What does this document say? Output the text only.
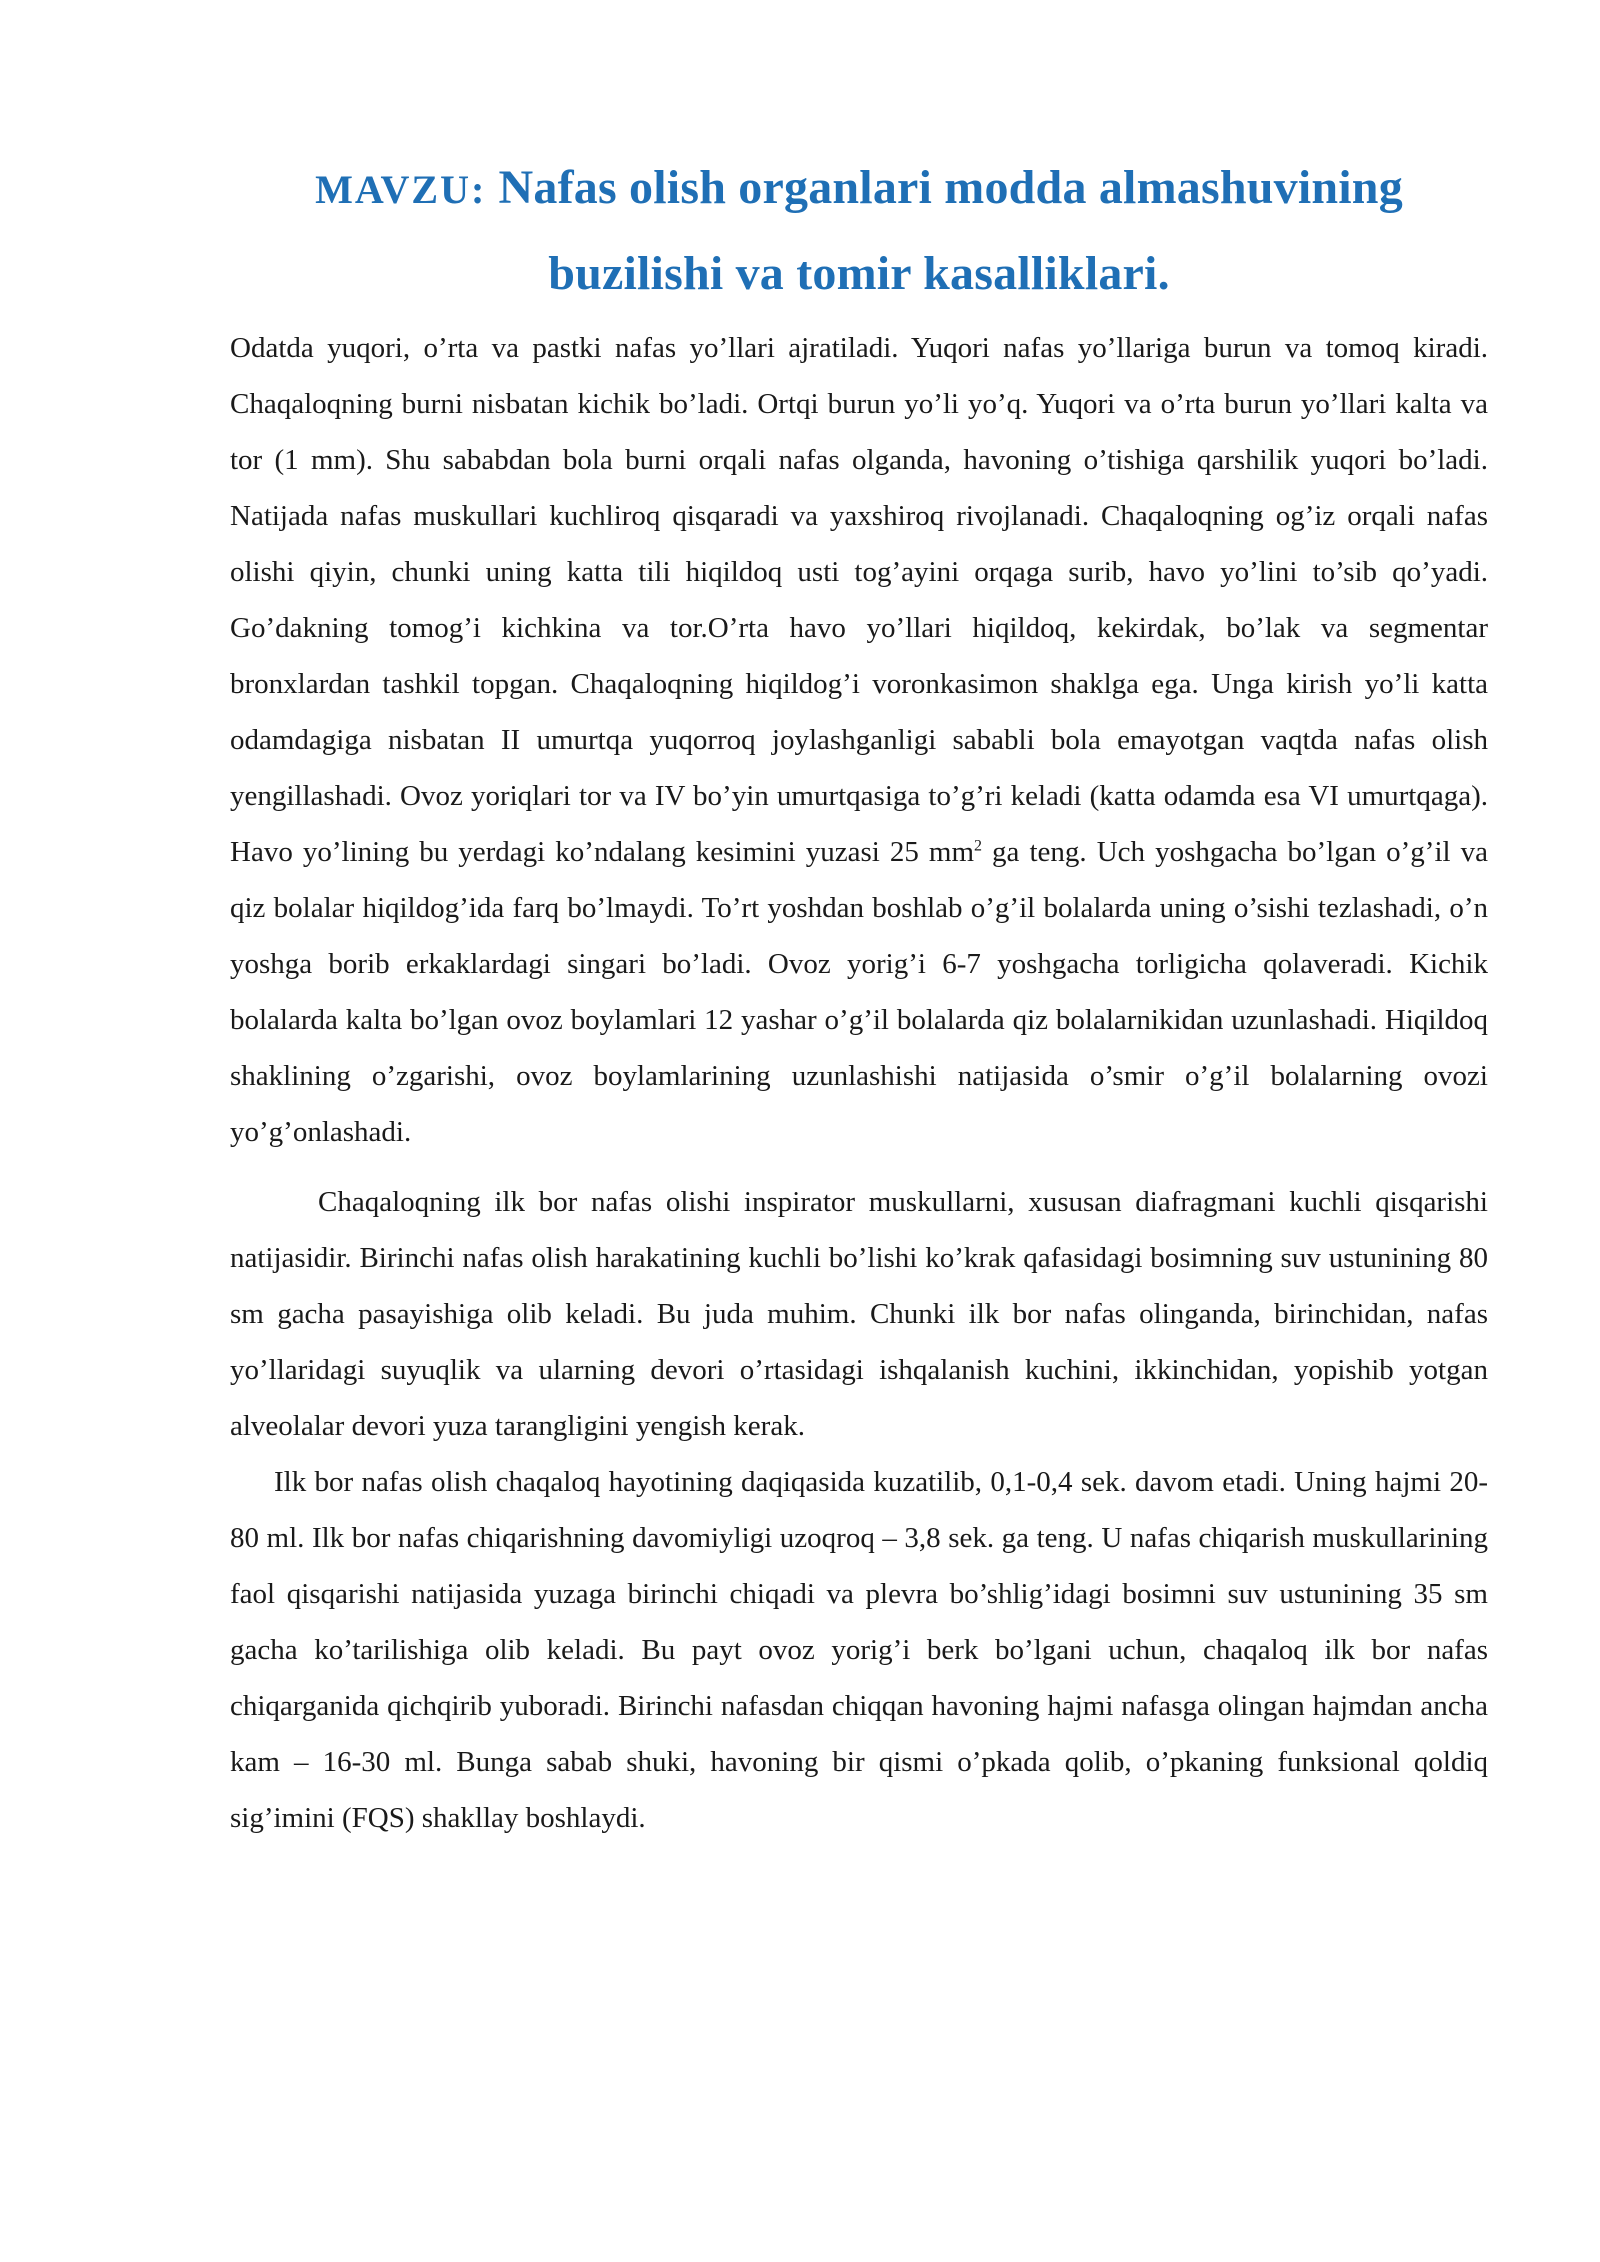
MAVZU: Nafas olish organlari modda almashuvining buzilishi va tomir kasalliklari.

Odatda yuqori, o’rta va pastki nafas yo’llari ajratiladi. Yuqori nafas yo’llariga burun va tomoq kiradi. Chaqaloqning burni nisbatan kichik bo’ladi. Ortqi burun yo’li yo’q. Yuqori va o’rta burun yo’llari kalta va tor (1 mm). Shu sababdan bola burni orqali nafas olganda, havoning o’tishiga qarshilik yuqori bo’ladi. Natijada nafas muskullari kuchliroq qisqaradi va yaxshiroq rivojlanadi. Chaqaloqning og’iz orqali nafas olishi qiyin, chunki uning katta tili hiqildoq usti tog’ayini orqaga surib, havo yo’lini to’sib qo’yadi. Go’dakning tomog’i kichkina va tor.O’rta havo yo’llari hiqildoq, kekirdak, bo’lak va segmentar bronxlardan tashkil topgan. Chaqaloqning hiqildog’i voronkasimon shaklga ega. Unga kirish yo’li katta odamdagiga nisbatan II umurtqa yuqorroq joylashganligi sababli bola emayotgan vaqtda nafas olish yengillashadi. Ovoz yoriqlari tor va IV bo’yin umurtqasiga to’g’ri keladi (katta odamda esa VI umurtqaga). Havo yo’lining bu yerdagi ko’ndalang kesimini yuzasi 25 $mm^2$ ga teng. Uch yoshgacha bo’lgan o’g’il va qiz bolalar hiqildog’ida farq bo’lmaydi. To’rt yoshdan boshlab o’g’il bolalarda uning o’sishi tezlashadi, o’n yoshga borib erkaklardagi singari bo’ladi. Ovoz yorig’i 6-7 yoshgacha torligicha qolaveradi. Kichik bolalarda kalta bo’lgan ovoz boylamlari 12 yashar o’g’il bolalarda qiz bolalarnikidan uzunlashadi. Hiqildoq shaklining o’zgarishi, ovoz boylamlarining uzunlashishi natijasida o’smir o’g’il bolalarning ovozi yo’g’onlashadi.

Chaqaloqning ilk bor nafas olishi inspirator muskullarni, xususan diafragmani kuchli qisqarishi natijasidir. Birinchi nafas olish harakatining kuchli bo’lishi ko’krak qafasidagi bosimning suv ustunining 80 sm gacha pasayishiga olib keladi. Bu juda muhim. Chunki ilk bor nafas olinganda, birinchidan, nafas yo’llaridagi suyuqlik va ularning devori o’rtasidagi ishqalanish kuchini, ikkinchidan, yopishib yotgan alveolalar devori yuza tarangligini yengish kerak.

Ilk bor nafas olish chaqaloq hayotining daqiqasida kuzatilib, 0,1-0,4 sek. davom etadi. Uning hajmi 20-80 ml. Ilk bor nafas chiqarishning davomiyligi uzoqroq – 3,8 sek. ga teng. U nafas chiqarish muskullarining faol qisqarishi natijasida yuzaga birinchi chiqadi va plevra bo’shlig’idagi bosimni suv ustunining 35 sm gacha ko’tarilishiga olib keladi. Bu payt ovoz yorig’i berk bo’lgani uchun, chaqaloq ilk bor nafas chiqarganida qichqirib yuboradi. Birinchi nafasdan chiqqan havoning hajmi nafasga olingan hajmdan ancha kam – 16-30 ml. Bunga sabab shuki, havoning bir qismi o’pkada qolib, o’pkaning funksional qoldiq sig’imini (FQS) shakllay boshlaydi.
